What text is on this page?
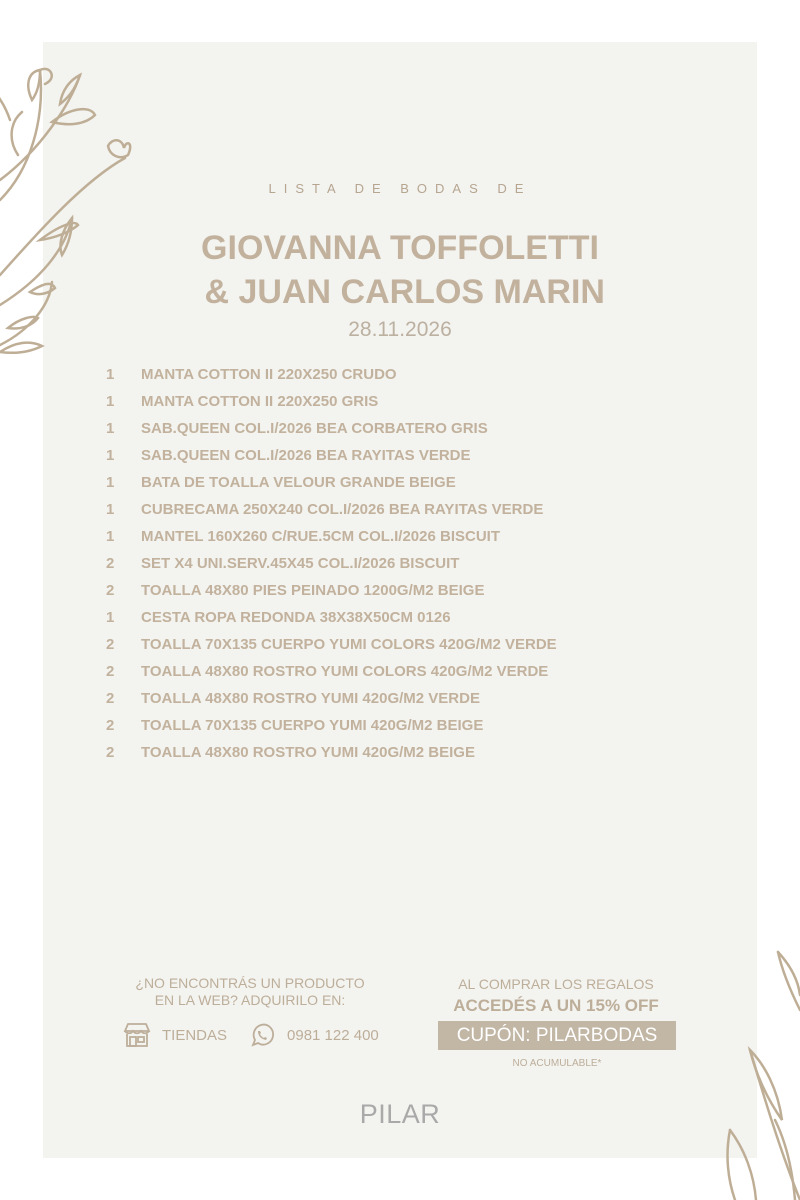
LISTA DE BODAS DE
GIOVANNA TOFFOLETTI
& JUAN CARLOS MARIN
28.11.2026
1	MANTA COTTON II 220X250 CRUDO
1	MANTA COTTON II 220X250 GRIS
1	SAB.QUEEN COL.I/2026 BEA CORBATERO GRIS
1	SAB.QUEEN COL.I/2026 BEA RAYITAS VERDE
1	BATA DE TOALLA VELOUR GRANDE BEIGE
1	CUBRECAMA 250X240 COL.I/2026 BEA RAYITAS VERDE
1	MANTEL 160X260 C/RUE.5CM COL.I/2026 BISCUIT
2	SET X4 UNI.SERV.45X45 COL.I/2026 BISCUIT
2	TOALLA 48X80 PIES PEINADO 1200G/M2 BEIGE
1	CESTA ROPA REDONDA 38X38X50CM 0126
2	TOALLA 70X135 CUERPO YUMI COLORS 420G/M2 VERDE
2	TOALLA 48X80 ROSTRO YUMI COLORS 420G/M2 VERDE
2	TOALLA 48X80 ROSTRO YUMI 420G/M2 VERDE
2	TOALLA 70X135 CUERPO YUMI 420G/M2 BEIGE
2	TOALLA 48X80 ROSTRO YUMI 420G/M2 BEIGE
¿NO ENCONTRÁS UN PRODUCTO
EN LA WEB? ADQUIRILO EN:
TIENDAS	0981 122 400
AL COMPRAR LOS REGALOS
ACCEDÉS A UN 15% OFF
CUPÓN: PILARBODAS
NO ACUMULABLE*
PILAR
